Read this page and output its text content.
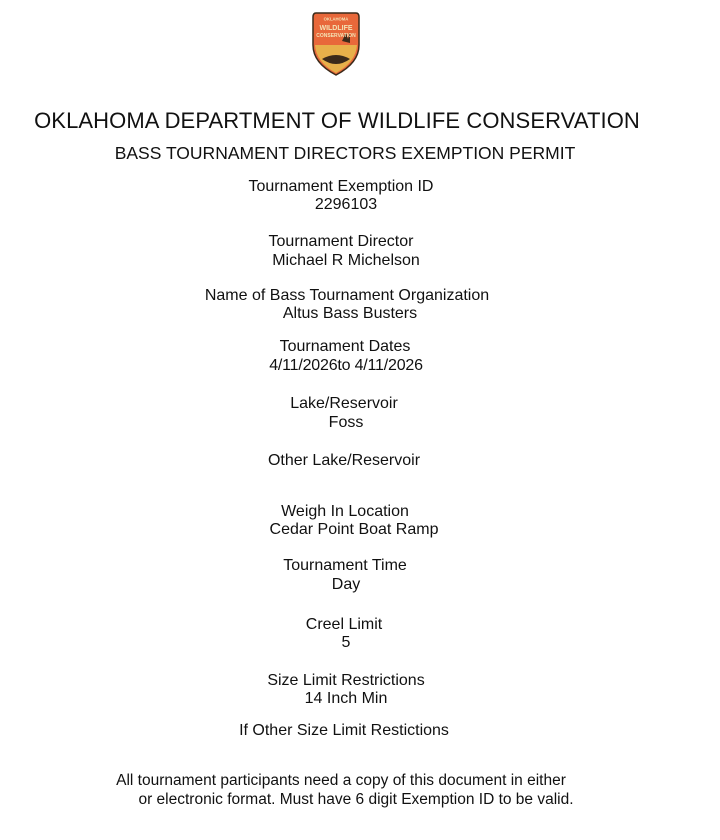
OKLAHOMA
WILDLIFE
CONSERVATION
OKLAHOMA DEPARTMENT OF WILDLIFE CONSERVATION
BASS TOURNAMENT DIRECTORS EXEMPTION PERMIT
Tournament Exemption ID
2296103
Tournament Director
Michael R Michelson
Name of Bass Tournament Organization
Altus Bass Busters
Tournament Dates
4/11/2026to 4/11/2026
Lake/Reservoir
Foss
Other Lake/Reservoir
Weigh In Location
Cedar Point Boat Ramp
Tournament Time
Day
Creel Limit
5
Size Limit Restrictions
14 Inch Min
If Other Size Limit Restictions
All tournament participants need a copy of this document in either
or electronic format. Must have 6 digit Exemption ID to be valid.
